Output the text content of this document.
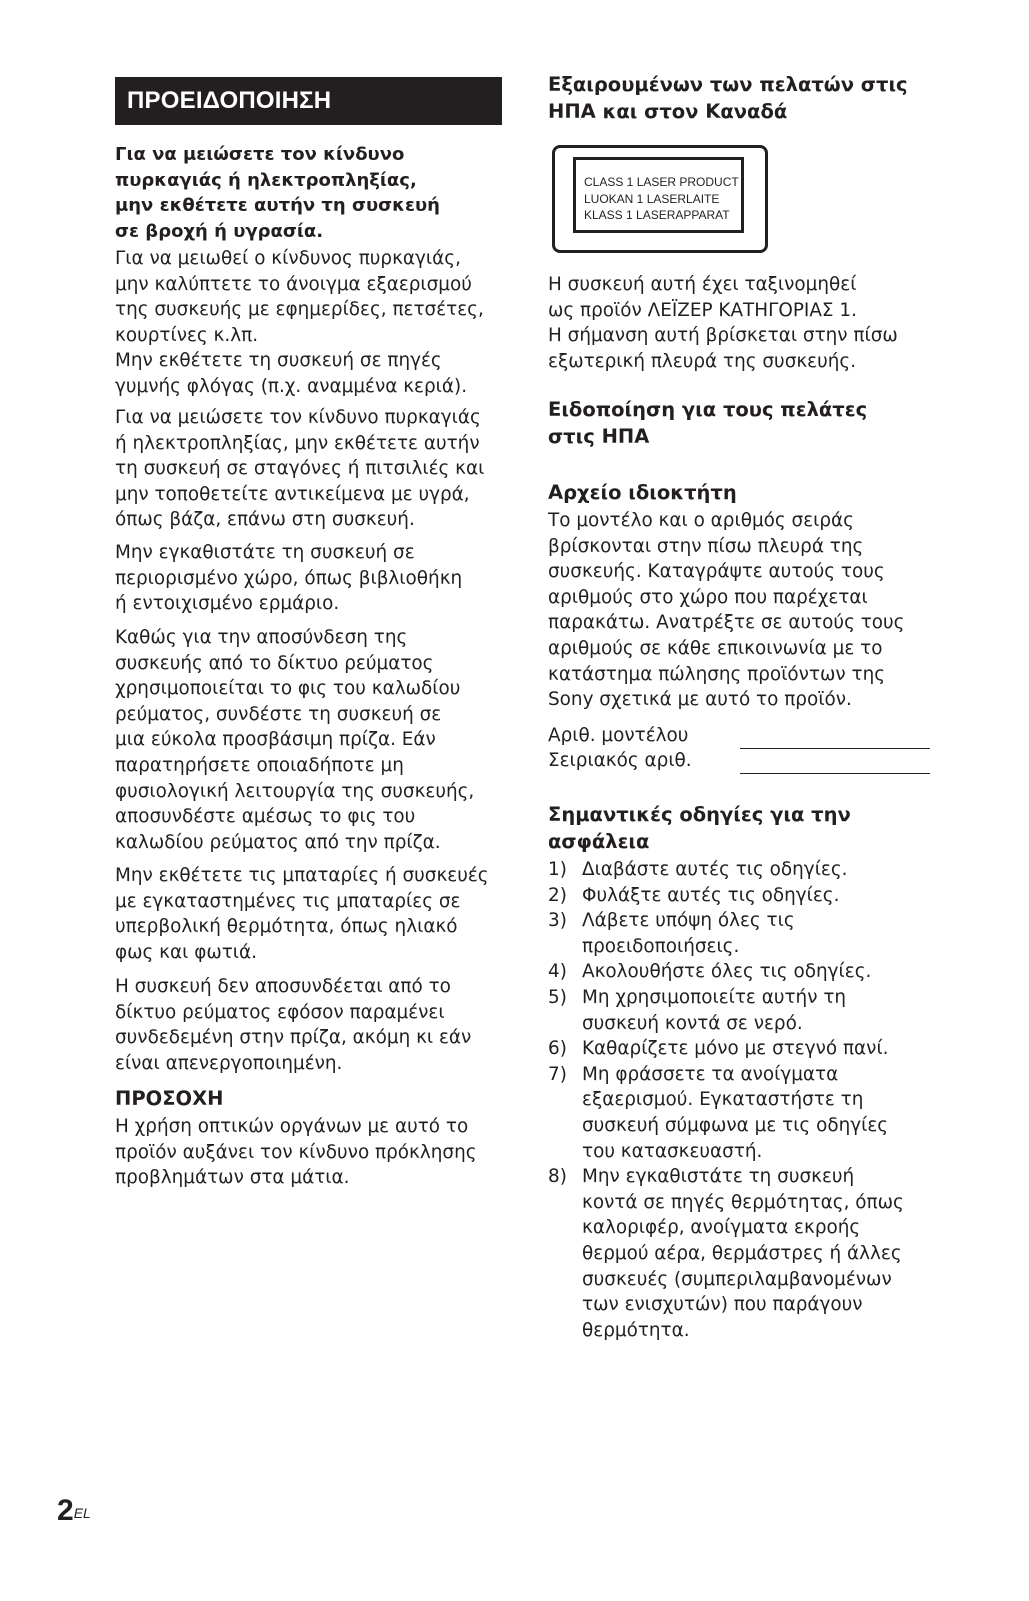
ΠΡΟΕΙΔΟΠΟΙΗΣΗ
Για να μειώσετε τον κίνδυνο
πυρκαγιάς ή ηλεκτροπληξίας,
μην εκθέτετε αυτήν τη συσκευή
σε βροχή ή υγρασία.
Για να μειωθεί ο κίνδυνος πυρκαγιάς,
μην καλύπτετε το άνοιγμα εξαερισμού
της συσκευής με εφημερίδες, πετσέτες,
κουρτίνες κ.λπ.
Μην εκθέτετε τη συσκευή σε πηγές
γυμνής φλόγας (π.χ. αναμμένα κεριά).
Για να μειώσετε τον κίνδυνο πυρκαγιάς
ή ηλεκτροπληξίας, μην εκθέτετε αυτήν
τη συσκευή σε σταγόνες ή πιτσιλιές και
μην τοποθετείτε αντικείμενα με υγρά,
όπως βάζα, επάνω στη συσκευή.
Μην εγκαθιστάτε τη συσκευή σε
περιορισμένο χώρο, όπως βιβλιοθήκη
ή εντοιχισμένο ερμάριο.
Καθώς για την αποσύνδεση της
συσκευής από το δίκτυο ρεύματος
χρησιμοποιείται το φις του καλωδίου
ρεύματος, συνδέστε τη συσκευή σε
μια εύκολα προσβάσιμη πρίζα. Εάν
παρατηρήσετε οποιαδήποτε μη
φυσιολογική λειτουργία της συσκευής,
αποσυνδέστε αμέσως το φις του
καλωδίου ρεύματος από την πρίζα.
Μην εκθέτετε τις μπαταρίες ή συσκευές
με εγκαταστημένες τις μπαταρίες σε
υπερβολική θερμότητα, όπως ηλιακό
φως και φωτιά.
Η συσκευή δεν αποσυνδέεται από το
δίκτυο ρεύματος εφόσον παραμένει
συνδεδεμένη στην πρίζα, ακόμη κι εάν
είναι απενεργοποιημένη.
ΠΡΟΣΟΧΗ
Η χρήση οπτικών οργάνων με αυτό το
προϊόν αυξάνει τον κίνδυνο πρόκλησης
προβλημάτων στα μάτια.
Εξαιρουμένων των πελατών στις
ΗΠΑ και στον Καναδά
CLASS 1 LASER PRODUCT
LUOKAN 1 LASERLAITE
KLASS 1 LASERAPPARAT
Η συσκευή αυτή έχει ταξινομηθεί
ως προϊόν ΛΕΪΖΕΡ ΚΑΤΗΓΟΡΙΑΣ 1.
Η σήμανση αυτή βρίσκεται στην πίσω
εξωτερική πλευρά της συσκευής.
Ειδοποίηση για τους πελάτες
στις ΗΠΑ
Αρχείο ιδιοκτήτη
Το μοντέλο και ο αριθμός σειράς
βρίσκονται στην πίσω πλευρά της
συσκευής. Καταγράψτε αυτούς τους
αριθμούς στο χώρο που παρέχεται
παρακάτω. Ανατρέξτε σε αυτούς τους
αριθμούς σε κάθε επικοινωνία με το
κατάστημα πώλησης προϊόντων της
Sony σχετικά με αυτό το προϊόν.
Αριθ. μοντέλου
Σειριακός αριθ.
Σημαντικές οδηγίες για την
ασφάλεια
1) Διαβάστε αυτές τις οδηγίες.
2) Φυλάξτε αυτές τις οδηγίες.
3) Λάβετε υπόψη όλες τις
προειδοποιήσεις.
4) Ακολουθήστε όλες τις οδηγίες.
5) Μη χρησιμοποιείτε αυτήν τη
συσκευή κοντά σε νερό.
6) Καθαρίζετε μόνο με στεγνό πανί.
7) Μη φράσσετε τα ανοίγματα
εξαερισμού. Εγκαταστήστε τη
συσκευή σύμφωνα με τις οδηγίες
του κατασκευαστή.
8) Μην εγκαθιστάτε τη συσκευή
κοντά σε πηγές θερμότητας, όπως
καλοριφέρ, ανοίγματα εκροής
θερμού αέρα, θερμάστρες ή άλλες
συσκευές (συμπεριλαμβανομένων
των ενισχυτών) που παράγουν
θερμότητα.
$2^{EL}$
